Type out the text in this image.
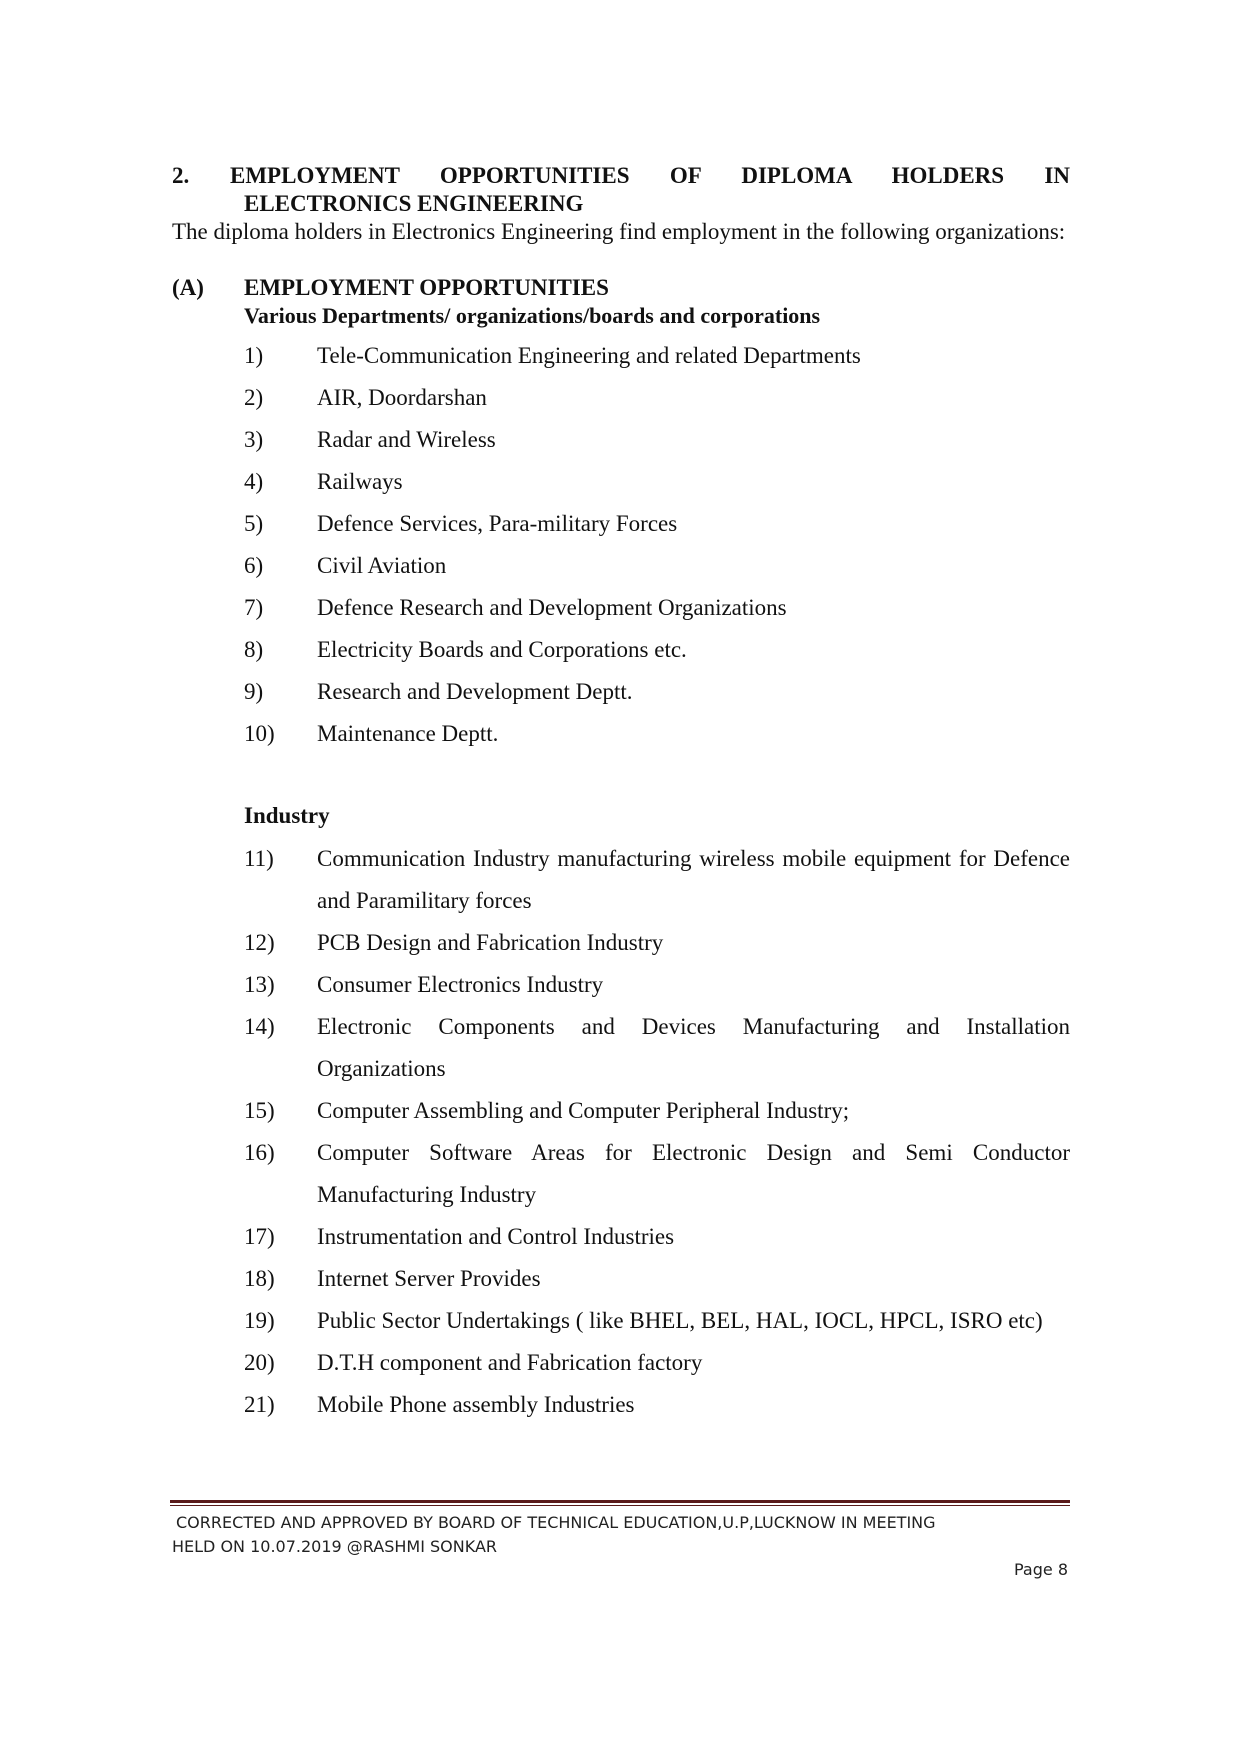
2.	EMPLOYMENT OPPORTUNITIES OF DIPLOMA HOLDERS IN
ELECTRONICS ENGINEERING
The diploma holders in Electronics Engineering find employment in the following organizations:
(A)	EMPLOYMENT OPPORTUNITIES
Various Departments/ organizations/boards and corporations
1)	Tele-Communication Engineering and related Departments
2)	AIR, Doordarshan
3)	Radar and Wireless
4)	Railways
5)	Defence Services, Para-military Forces
6)	Civil Aviation
7)	Defence Research and Development Organizations
8)	Electricity Boards and Corporations etc.
9)	Research and Development Deptt.
10)	Maintenance Deptt.
Industry
11)	Communication Industry manufacturing wireless mobile equipment for Defence and Paramilitary forces
12)	PCB Design and Fabrication Industry
13)	Consumer Electronics Industry
14)	Electronic Components and Devices Manufacturing and Installation Organizations
15)	Computer Assembling and Computer Peripheral Industry;
16)	Computer Software Areas for Electronic Design and Semi Conductor Manufacturing Industry
17)	Instrumentation and Control Industries
18)	Internet Server Provides
19)	Public Sector Undertakings ( like BHEL, BEL, HAL, IOCL, HPCL, ISRO etc)
20)	D.T.H component and Fabrication factory
21)	Mobile Phone assembly Industries
CORRECTED AND APPROVED BY BOARD OF TECHNICAL EDUCATION,U.P,LUCKNOW IN MEETING
HELD ON 10.07.2019 @RASHMI SONKAR
Page 8
